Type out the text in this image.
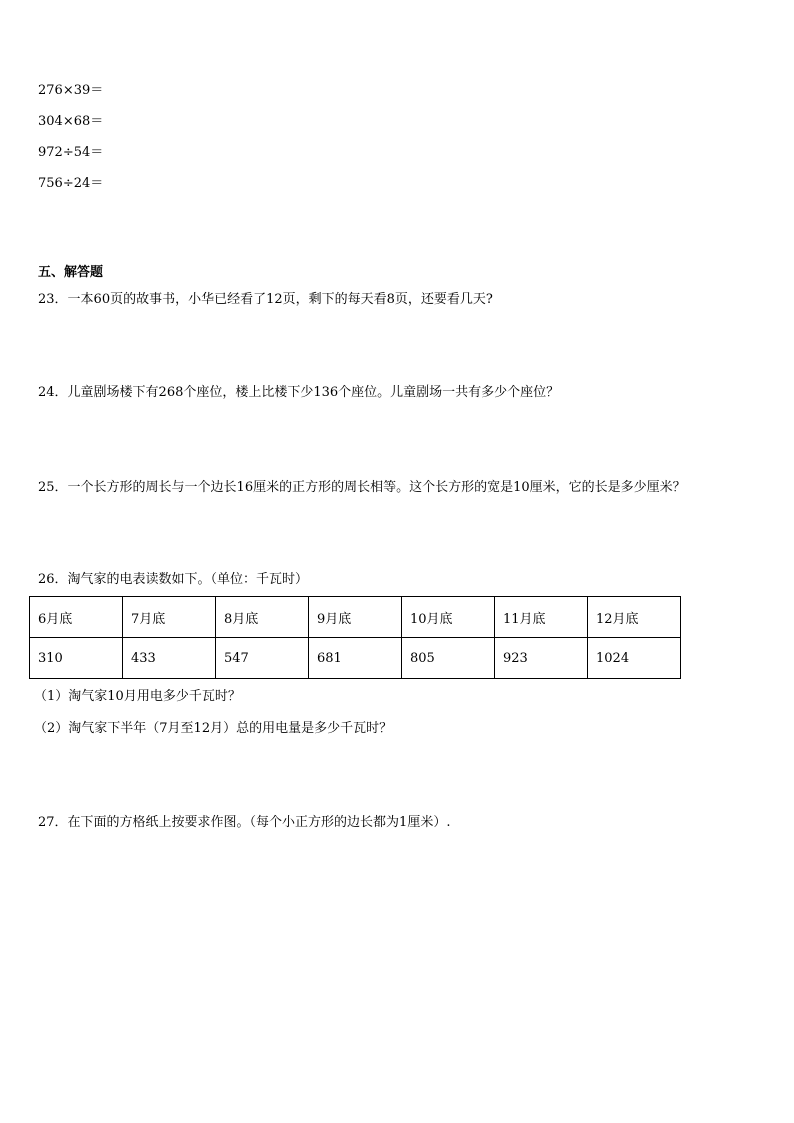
276×39＝
304×68＝
972÷54＝
756÷24＝
五、解答题
23．一本60页的故事书，小华已经看了12页，剩下的每天看8页，还要看几天?
24．儿童剧场楼下有268个座位，楼上比楼下少136个座位。儿童剧场一共有多少个座位？
25．一个长方形的周长与一个边长16厘米的正方形的周长相等。这个长方形的宽是10厘米，它的长是多少厘米？
26．淘气家的电表读数如下。（单位：千瓦时）
6月底	7月底	8月底	9月底	10月底	11月底	12月底
310	433	547	681	805	923	1024
（1）淘气家10月用电多少千瓦时？
（2）淘气家下半年（7月至12月）总的用电量是多少千瓦时？
27．在下面的方格纸上按要求作图。（每个小正方形的边长都为1厘米）.
